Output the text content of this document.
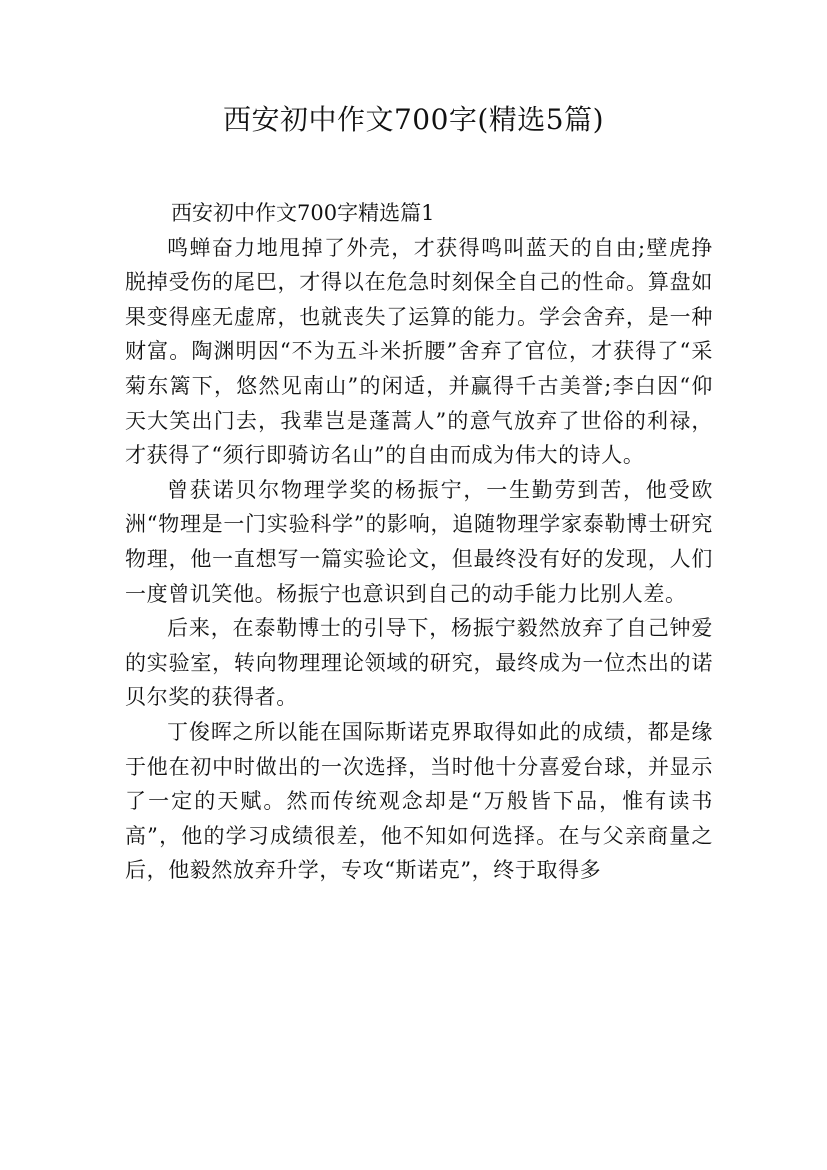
西安初中作文700字(精选5篇)
西安初中作文700字精选篇1

鸣蝉奋力地甩掉了外壳，才获得鸣叫蓝天的自由;壁虎挣脱掉受伤的尾巴，才得以在危急时刻保全自己的性命。算盘如果变得座无虚席，也就丧失了运算的能力。学会舍弃，是一种财富。陶渊明因“不为五斗米折腰”舍弃了官位，才获得了“采菊东篱下，悠然见南山”的闲适，并赢得千古美誉;李白因“仰天大笑出门去，我辈岂是蓬蒿人”的意气放弃了世俗的利禄，才获得了“须行即骑访名山”的自由而成为伟大的诗人。

曾获诺贝尔物理学奖的杨振宁，一生勤劳到苦，他受欧洲“物理是一门实验科学”的影响，追随物理学家泰勒博士研究物理，他一直想写一篇实验论文，但最终没有好的发现，人们一度曾讥笑他。杨振宁也意识到自己的动手能力比别人差。

后来，在泰勒博士的引导下，杨振宁毅然放弃了自己钟爱的实验室，转向物理理论领域的研究，最终成为一位杰出的诺贝尔奖的获得者。

丁俊晖之所以能在国际斯诺克界取得如此的成绩，都是缘于他在初中时做出的一次选择，当时他十分喜爱台球，并显示了一定的天赋。然而传统观念却是“万般皆下品，惟有读书高”，他的学习成绩很差，他不知如何选择。在与父亲商量之后，他毅然放弃升学，专攻“斯诺克”，终于取得多
